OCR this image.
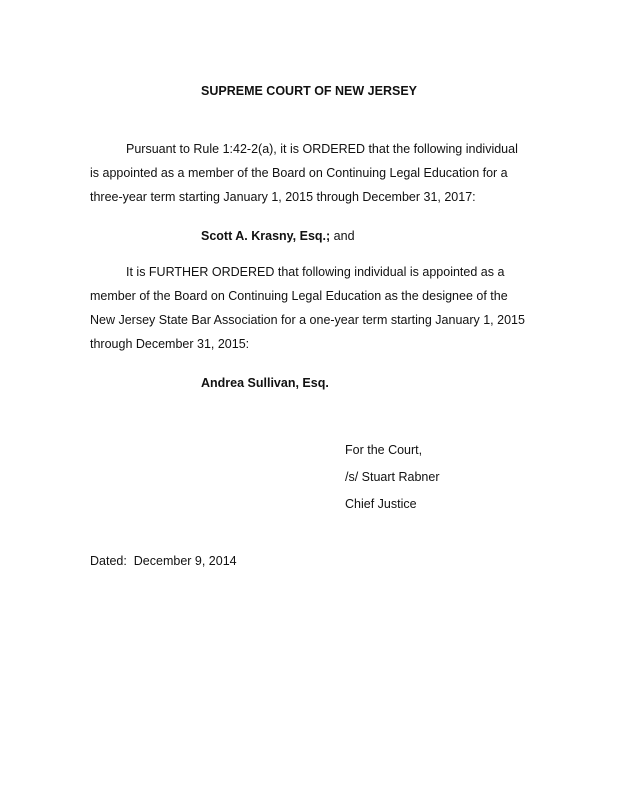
SUPREME COURT OF NEW JERSEY

Pursuant to Rule 1:42-2(a), it is ORDERED that the following individual is appointed as a member of the Board on Continuing Legal Education for a three-year term starting January 1, 2015 through December 31, 2017:

Scott A. Krasny, Esq.; and

It is FURTHER ORDERED that following individual is appointed as a member of the Board on Continuing Legal Education as the designee of the New Jersey State Bar Association for a one-year term starting January 1, 2015 through December 31, 2015:

Andrea Sullivan, Esq.

For the Court,

/s/ Stuart Rabner

Chief Justice

Dated:  December 9, 2014
